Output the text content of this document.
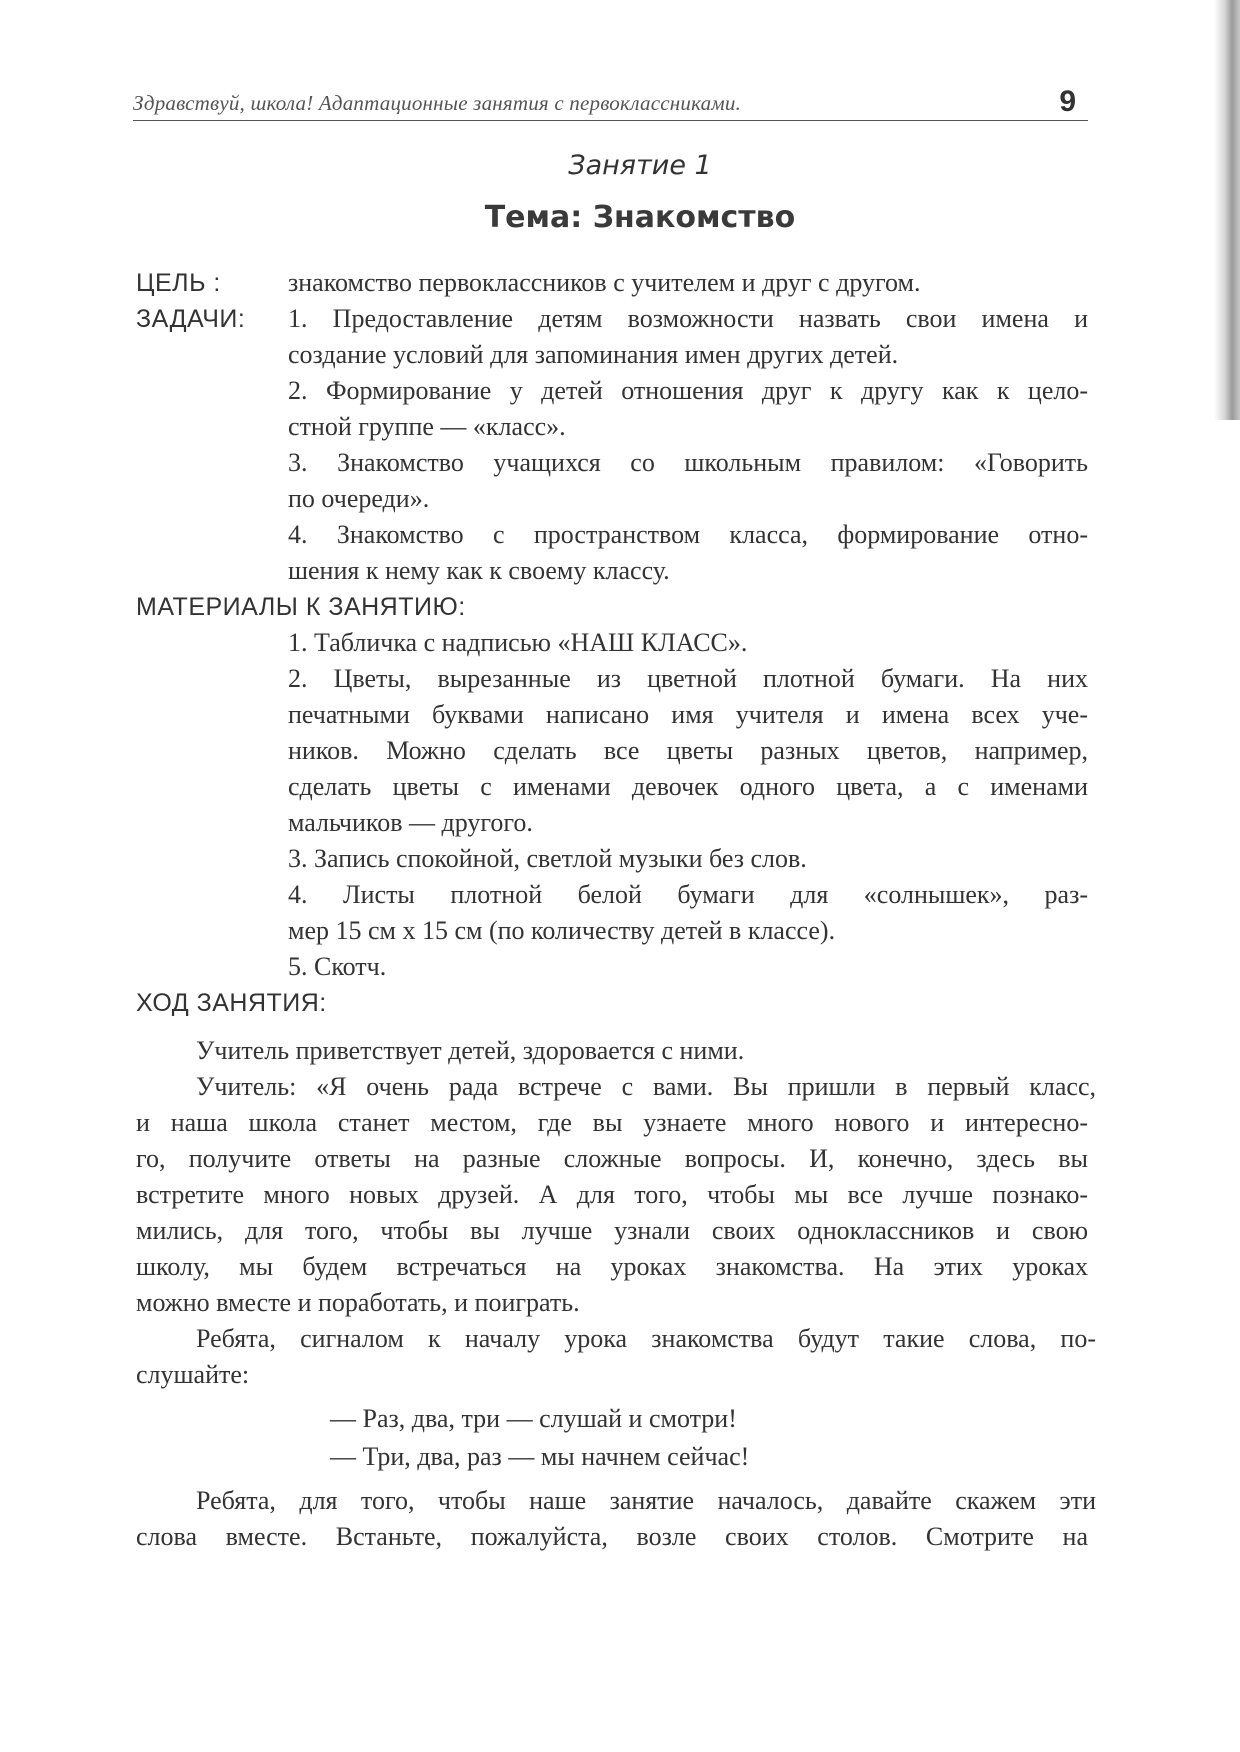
Здравствуй, школа! Адаптационные занятия с первоклассниками.	9
Занятие 1
Тема: Знакомство
ЦЕЛЬ :	знакомство первоклассников с учителем и друг с другом.
ЗАДАЧИ: 1. Предоставление детям возможности назвать свои имена и
создание условий для запоминания имен других детей.
2. Формирование у детей отношения друг к другу как к цело-
стной группе — «класс».
3. Знакомство учащихся со школьным правилом: «Говорить
по очереди».
4. Знакомство с пространством класса, формирование отно-
шения к нему как к своему классу.
МАТЕРИАЛЫ К ЗАНЯТИЮ:
1. Табличка с надписью «НАШ КЛАСС».
2. Цветы, вырезанные из цветной плотной бумаги. На них
печатными буквами написано имя учителя и имена всех уче-
ников. Можно сделать все цветы разных цветов, например,
сделать цветы с именами девочек одного цвета, а с именами
мальчиков — другого.
3. Запись спокойной, светлой музыки без слов.
4. Листы плотной белой бумаги для «солнышек», раз-
мер 15 см х 15 см (по количеству детей в классе).
5. Скотч.
ХОД ЗАНЯТИЯ:
Учитель приветствует детей, здоровается с ними.
Учитель: «Я очень рада встрече с вами. Вы пришли в первый класс,
и наша школа станет местом, где вы узнаете много нового и интересно-
го, получите ответы на разные сложные вопросы. И, конечно, здесь вы
встретите много новых друзей. А для того, чтобы мы все лучше познако-
мились, для того, чтобы вы лучше узнали своих одноклассников и свою
школу, мы будем встречаться на уроках знакомства. На этих уроках
можно вместе и поработать, и поиграть.
Ребята, сигналом к началу урока знакомства будут такие слова, по-
слушайте:
— Раз, два, три — слушай и смотри!
— Три, два, раз — мы начнем сейчас!
Ребята, для того, чтобы наше занятие началось, давайте скажем эти
слова вместе. Встаньте, пожалуйста, возле своих столов. Смотрите на
